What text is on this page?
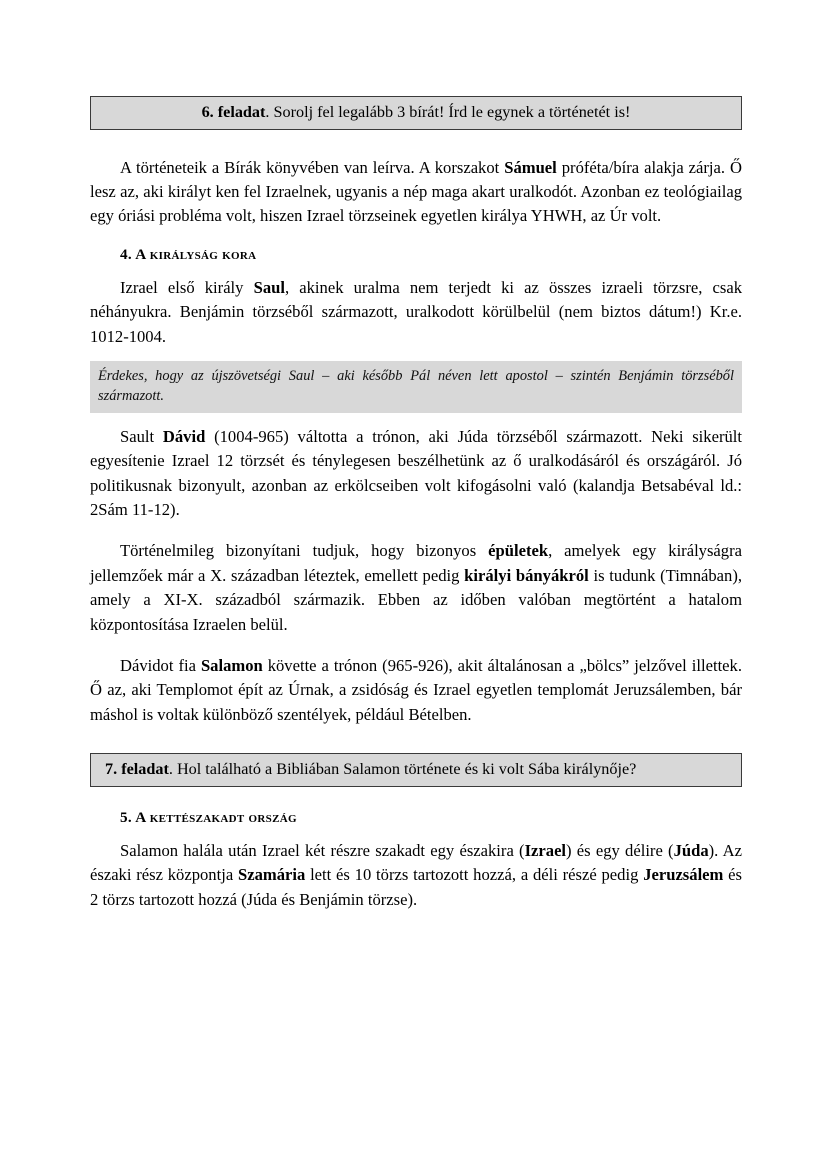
6. feladat. Sorolj fel legalább 3 bírát! Írd le egynek a történetét is!

A történeteik a Bírák könyvében van leírva. A korszakot Sámuel próféta/bíra alakja zárja. Ő lesz az, aki királyt ken fel Izraelnek, ugyanis a nép maga akart uralkodót. Azonban ez teológiailag egy óriási probléma volt, hiszen Izrael törzseinek egyetlen királya YHWH, az Úr volt.

4. A királyság kora

Izrael első király Saul, akinek uralma nem terjedt ki az összes izraeli törzsre, csak néhányukra. Benjámin törzséből származott, uralkodott körülbelül (nem biztos dátum!) Kr.e. 1012-1004.

Érdekes, hogy az újszövetségi Saul – aki később Pál néven lett apostol – szintén Benjámin törzséből származott.

Sault Dávid (1004-965) váltotta a trónon, aki Júda törzséből származott. Neki sikerült egyesítenie Izrael 12 törzsét és ténylegesen beszélhetünk az ő uralkodásáról és országáról. Jó politikusnak bizonyult, azonban az erkölcseiben volt kifogásolni való (kalandja Betsabéval ld.: 2Sám 11-12).

Történelmileg bizonyítani tudjuk, hogy bizonyos épületek, amelyek egy királyságra jellemzőek már a X. században léteztek, emellett pedig királyi bányákról is tudunk (Timnában), amely a XI-X. századból származik. Ebben az időben valóban megtörtént a hatalom központosítása Izraelen belül.

Dávidot fia Salamon követte a trónon (965-926), akit általánosan a „bölcs” jelzővel illettek. Ő az, aki Templomot épít az Úrnak, a zsidóság és Izrael egyetlen templomát Jeruzsálemben, bár máshol is voltak különböző szentélyek, például Bételben.

7. feladat. Hol található a Bibliában Salamon története és ki volt Sába királynője?

5. A kettészakadt ország

Salamon halála után Izrael két részre szakadt egy északira (Izrael) és egy délire (Júda). Az északi rész központja Szamária lett és 10 törzs tartozott hozzá, a déli részé pedig Jeruzsálem és 2 törzs tartozott hozzá (Júda és Benjámin törzse).
